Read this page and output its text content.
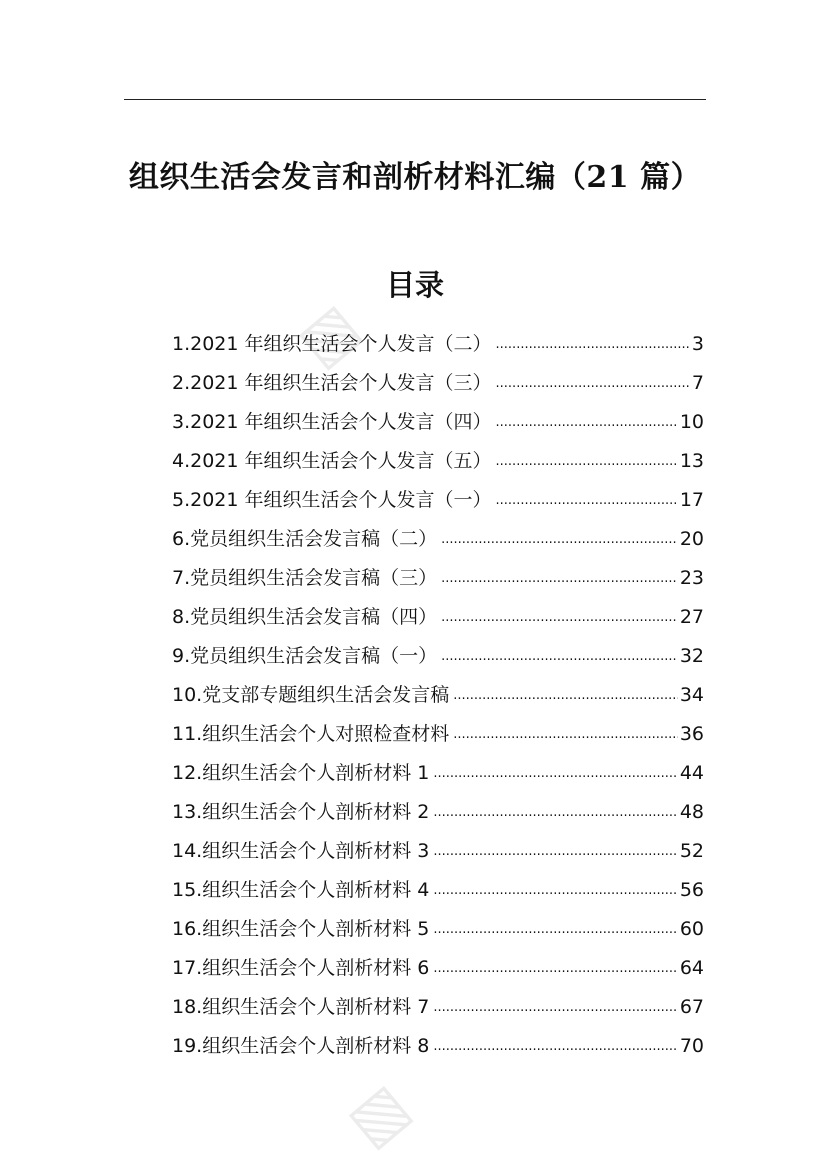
组织生活会发言和剖析材料汇编（21 篇）
目录
▧
▧
1.2021 年组织生活会个人发言（二） .....	3
2.2021 年组织生活会个人发言（三） .....	7
3.2021 年组织生活会个人发言（四） .....	10
4.2021 年组织生活会个人发言（五） .....	13
5.2021 年组织生活会个人发言（一） .....	17
6.党员组织生活会发言稿（二） .....	20
7.党员组织生活会发言稿（三） .....	23
8.党员组织生活会发言稿（四） .....	27
9.党员组织生活会发言稿（一） .....	32
10.党支部专题组织生活会发言稿 .....	34
11.组织生活会个人对照检查材料 .....	36
12.组织生活会个人剖析材料 1 .....	44
13.组织生活会个人剖析材料 2 .....	48
14.组织生活会个人剖析材料 3 .....	52
15.组织生活会个人剖析材料 4 .....	56
16.组织生活会个人剖析材料 5 .....	60
17.组织生活会个人剖析材料 6 .....	64
18.组织生活会个人剖析材料 7 .....	67
19.组织生活会个人剖析材料 8 .....	70
